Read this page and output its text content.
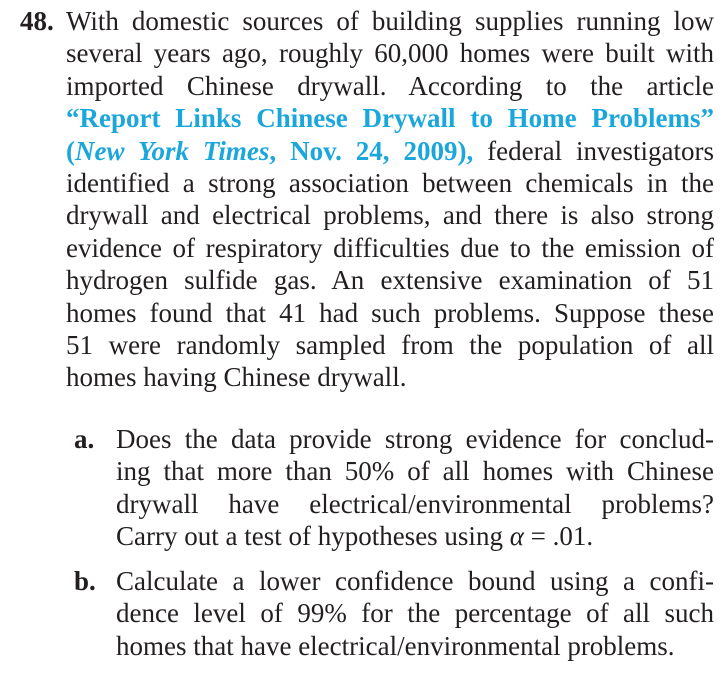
48. With domestic sources of building supplies running low
several years ago, roughly 60,000 homes were built with
imported Chinese drywall. According to the article
“Report Links Chinese Drywall to Home Problems”
(New York Times, Nov. 24, 2009), federal investigators
identified a strong association between chemicals in the
drywall and electrical problems, and there is also strong
evidence of respiratory difficulties due to the emission of
hydrogen sulfide gas. An extensive examination of 51
homes found that 41 had such problems. Suppose these
51 were randomly sampled from the population of all
homes having Chinese drywall.
a. Does the data provide strong evidence for conclud-
ing that more than 50% of all homes with Chinese
drywall have electrical/environmental problems?
Carry out a test of hypotheses using α = .01.
b. Calculate a lower confidence bound using a confi-
dence level of 99% for the percentage of all such
homes that have electrical/environmental problems.
